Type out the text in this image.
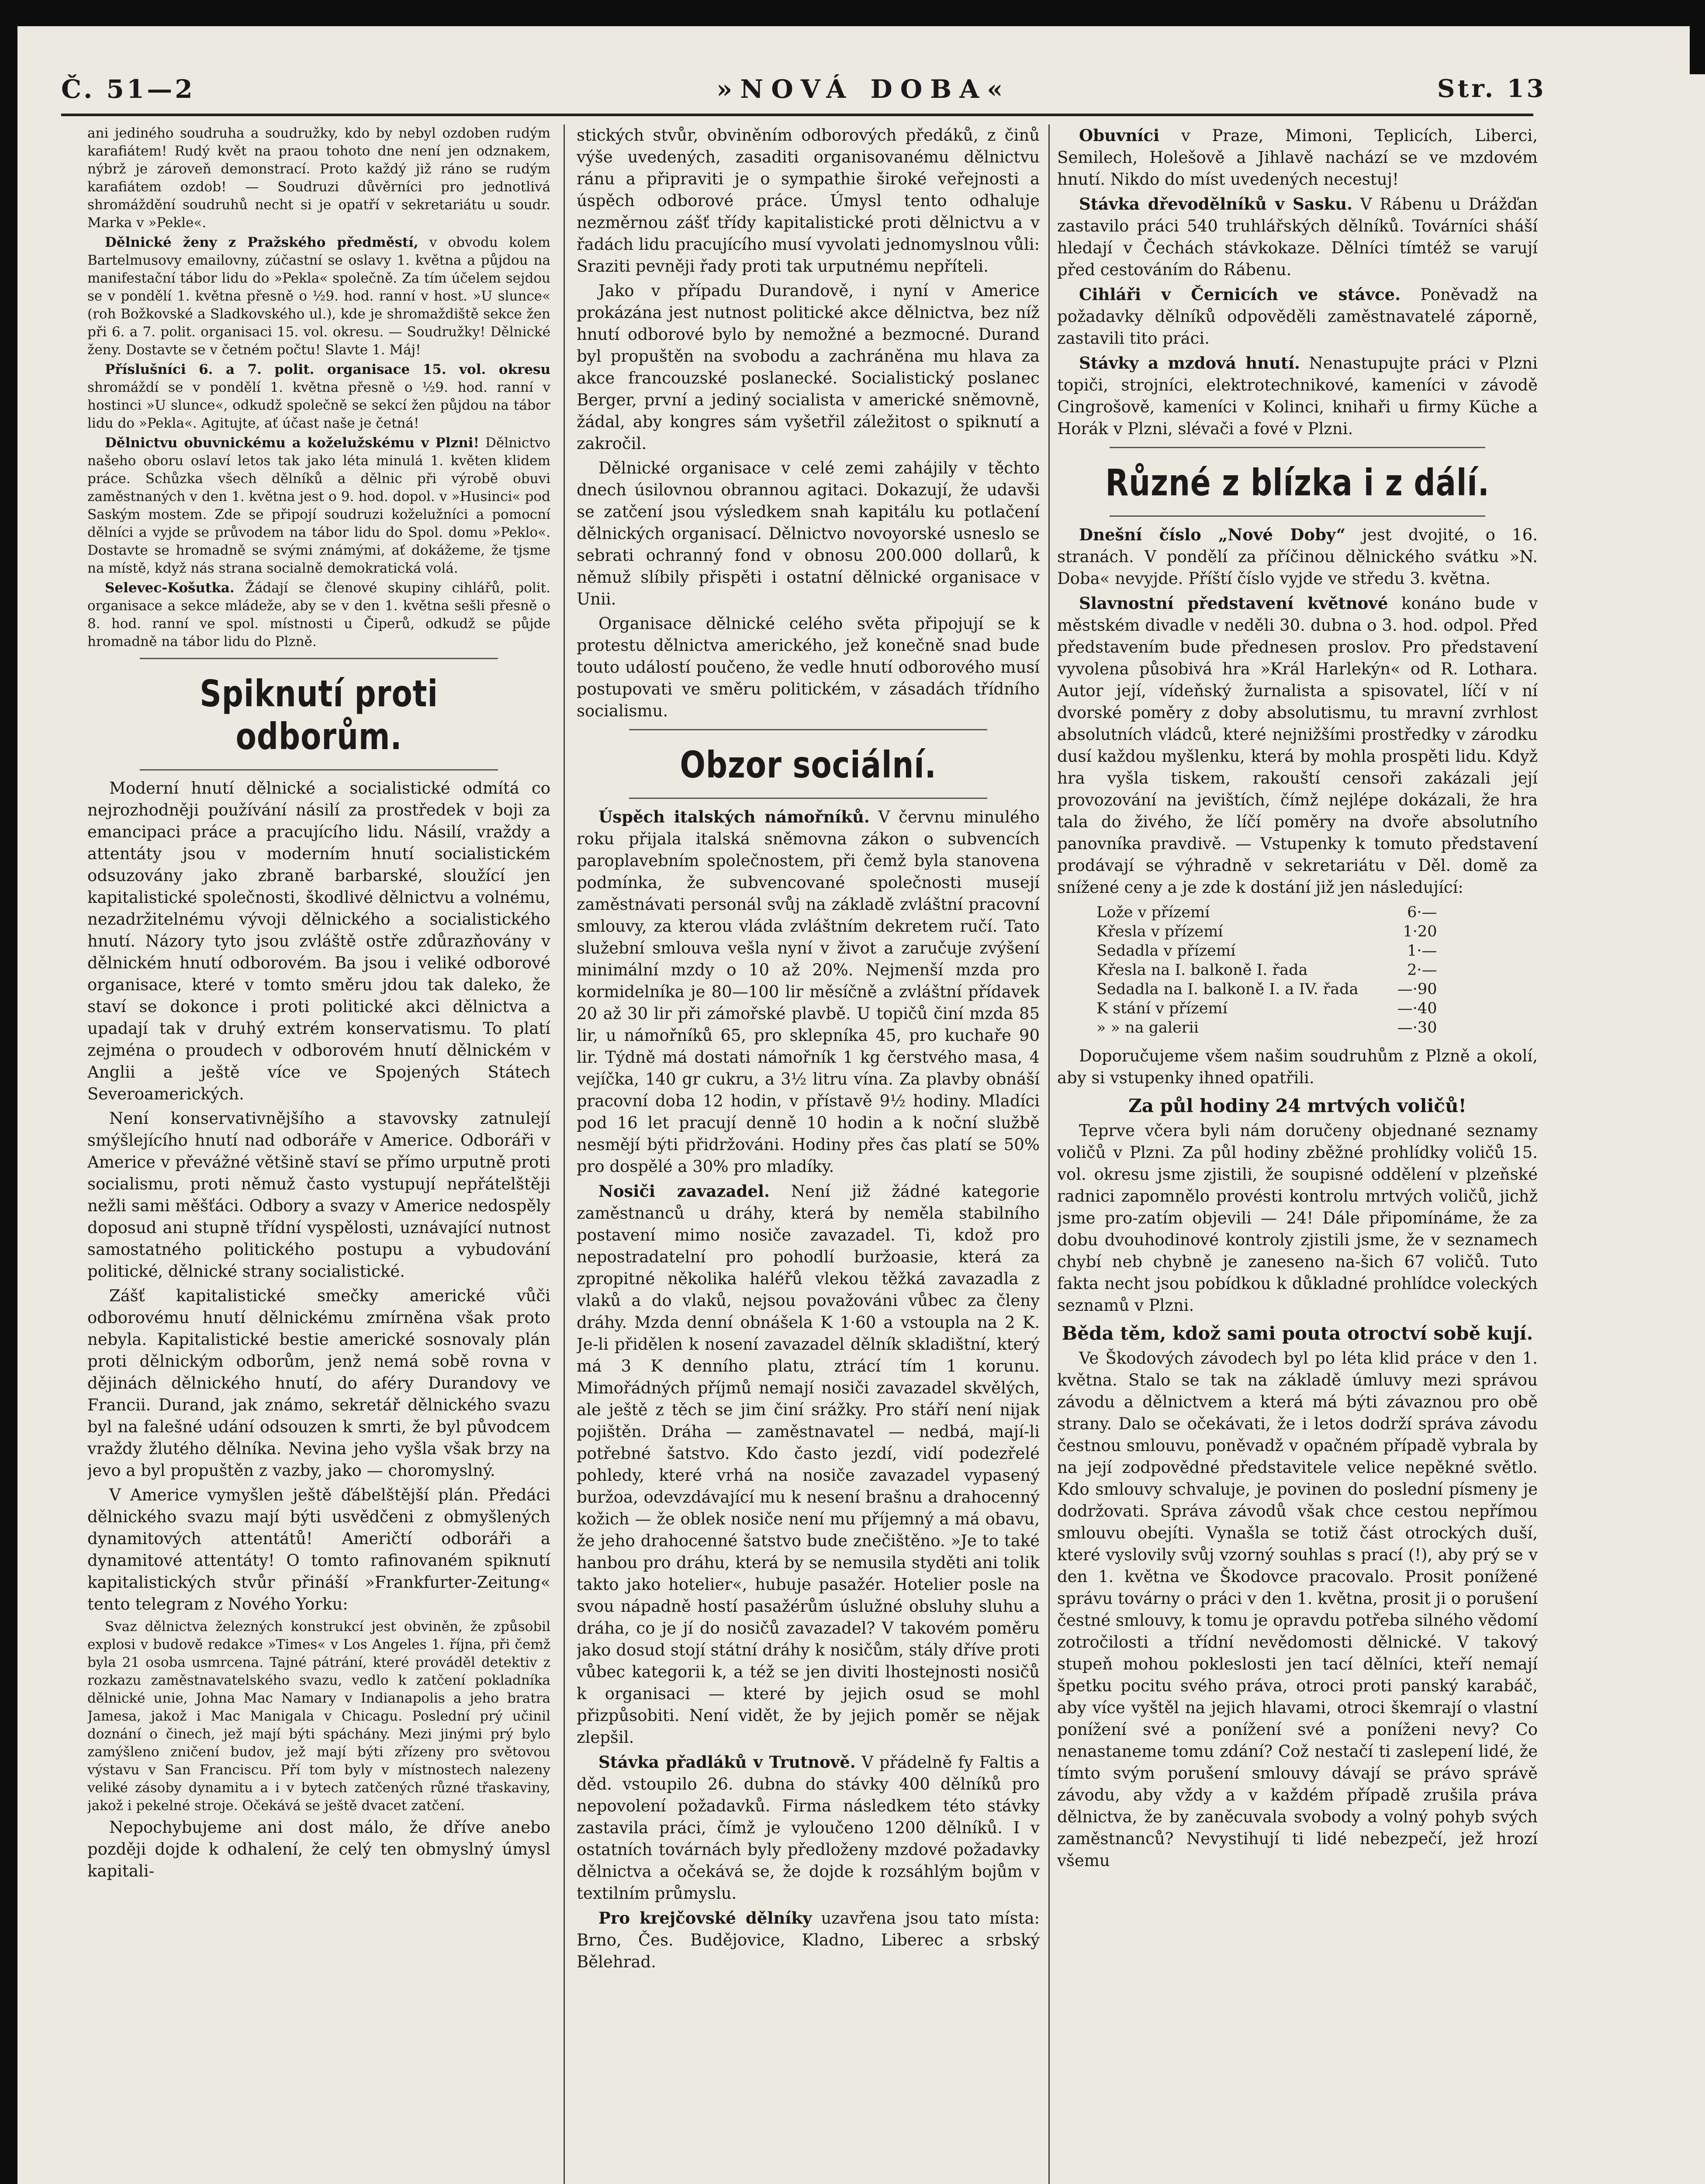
Č. 51—2	»NOVÁ DOBA«	Str. 13

ani jediného soudruha a soudružky, kdo by nebyl ozdoben rudým karafiátem! Rudý květ na praou tohoto dne není jen odznakem, nýbrž je zároveň demonstrací. Proto každý již ráno se rudým karafiátem ozdob! — Soudruzi důvěrníci pro jednotlivá shromáždění soudruhů necht si je opatří v sekretariátu u soudr. Marka v »Pekle«.

Dělnické ženy z Pražského předměstí, v obvodu kolem Bartelmusovy emailovny, zúčastní se oslavy 1. května a půjdou na manifestační tábor lidu do »Pekla« společně. Za tím účelem sejdou se v pondělí 1. května přesně o ½9. hod. ranní v host. »U slunce« (roh Božkovské a Sladkovského ul.), kde je shromaždiště sekce žen při 6. a 7. polit. organisaci 15. vol. okresu. — Soudružky! Dělnické ženy. Dostavte se v četném počtu! Slavte 1. Máj!

Příslušníci 6. a 7. polit. organisace 15. vol. okresu shromáždí se v pondělí 1. května přesně o ½9. hod. ranní v hostinci »U slunce«, odkudž společně se sekcí žen půjdou na tábor lidu do »Pekla«. Agitujte, ať účast naše je četná!

Dělnictvu obuvnickému a koželužskému v Plzni! Dělnictvo našeho oboru oslaví letos tak jako léta minulá 1. květen klidem práce. Schůzka všech dělníků a dělnic při výrobě obuvi zaměstnaných v den 1. května jest o 9. hod. dopol. v »Husinci« pod Saským mostem. Zde se připojí soudruzi koželužníci a pomocní dělníci a vyjde se průvodem na tábor lidu do Spol. domu »Peklo«. Dostavte se hromadně se svými známými, ať dokážeme, že tjsme na místě, když nás strana socialně demokratická volá.

Selevec-Košutka. Žádají se členové skupiny cihlářů, polit. organisace a sekce mládeže, aby se v den 1. května sešli přesně o 8. hod. ranní ve spol. místnosti u Čiperů, odkudž se půjde hromadně na tábor lidu do Plzně.

Spiknutí proti odborům.

Moderní hnutí dělnické a socialistické odmítá co nejrozhodněji používání násilí za prostředek v boji za emancipaci práce a pracujícího lidu. Násilí, vraždy a attentáty jsou v moderním hnutí socialistickém odsuzovány jako zbraně barbarské, sloužící jen kapitalistické společnosti, škodlivé dělnictvu a volnému, nezadržitelnému vývoji dělnického a socialistického hnutí. Názory tyto jsou zvláště ostře zdůrazňovány v dělnickém hnutí odborovém. Ba jsou i veliké odborové organisace, které v tomto směru jdou tak daleko, že staví se dokonce i proti politické akci dělnictva a upadají tak v druhý extrém konservatismu. To platí zejména o proudech v odborovém hnutí dělnickém v Anglii a ještě více ve Spojených Státech Severoamerických.

Není konservativnějšího a stavovsky zatnulejí smýšlejícího hnutí nad odboráře v Americe. Odboráři v Americe v převážné většině staví se přímo urputně proti socialismu, proti němuž často vystupují nepřátelštěji nežli sami měšťáci. Odbory a svazy v Americe nedospěly doposud ani stupně třídní vyspělosti, uznávající nutnost samostatného politického postupu a vybudování politické, dělnické strany socialistické.

Zášť kapitalistické smečky americké vůči odborovému hnutí dělnickému zmírněna však proto nebyla. Kapitalistické bestie americké sosnovaly plán proti dělnickým odborům, jenž nemá sobě rovna v dějinách dělnického hnutí, do aféry Durandovy ve Francii. Durand, jak známo, sekretář dělnického svazu byl na falešné udání odsouzen k smrti, že byl původcem vraždy žlutého dělníka. Nevina jeho vyšla však brzy na jevo a byl propuštěn z vazby, jako — choromyslný.

V Americe vymyšlen ještě ďábelštější plán. Předáci dělnického svazu mají býti usvědčeni z obmyšlených dynamitových attentátů! Američtí odboráři a dynamitové attentáty! O tomto rafinovaném spiknutí kapitalistických stvůr přináší »Frankfurter-Zeitung« tento telegram z Nového Yorku:

Svaz dělnictva železných konstrukcí jest obviněn, že způsobil explosi v budově redakce »Times« v Los Angeles 1. října, při čemž byla 21 osoba usmrcena. Tajné pátrání, které prováděl detektiv z rozkazu zaměstnavatelského svazu, vedlo k zatčení pokladníka dělnické unie, Johna Mac Namary v Indianapolis a jeho bratra Jamesa, jakož i Mac Manigala v Chicagu. Poslední prý učinil doznání o činech, jež mají býti spáchány. Mezi jinými prý bylo zamýšleno zničení budov, jež mají býti zřízeny pro světovou výstavu v San Franciscu. Pří tom byly v místnostech nalezeny veliké zásoby dynamitu a i v bytech zatčených různé třaskaviny, jakož i pekelné stroje. Očekává se ještě dvacet zatčení.

Nepochybujeme ani dost málo, že dříve anebo později dojde k odhalení, že celý ten obmyslný úmysl kapitali-

stických stvůr, obviněním odborových předáků, z činů výše uvedených, zasaditi organisovanému dělnictvu ránu a připraviti je o sympathie široké veřejnosti a úspěch odborové práce. Úmysl tento odhaluje nezměrnou zášť třídy kapitalistické proti dělnictvu a v řadách lidu pracujícího musí vyvolati jednomyslnou vůli: Sraziti pevněji řady proti tak urputnému nepříteli.

Jako v případu Durandově, i nyní v Americe prokázána jest nutnost politické akce dělnictva, bez níž hnutí odborové bylo by nemožné a bezmocné. Durand byl propuštěn na svobodu a zachráněna mu hlava za akce francouzské poslanecké. Socialistický poslanec Berger, první a jediný socialista v americké sněmovně, žádal, aby kongres sám vyšetřil záležitost o spiknutí a zakročil.

Dělnické organisace v celé zemi zahájily v těchto dnech úsilovnou obrannou agitaci. Dokazují, že udavši se zatčení jsou výsledkem snah kapitálu ku potlačení dělnických organisací. Dělnictvo novoyorské usneslo se sebrati ochranný fond v obnosu 200.000 dollarů, k němuž slíbily přispěti i ostatní dělnické organisace v Unii.

Organisace dělnické celého světa připojují se k protestu dělnictva amerického, jež konečně snad bude touto událostí poučeno, že vedle hnutí odborového musí postupovati ve směru politickém, v zásadách třídního socialismu.

Obzor sociální.

Úspěch italských námořníků. V červnu minulého roku přijala italská sněmovna zákon o subvencích paroplavebním společnostem, při čemž byla stanovena podmínka, že subvencované společnosti musejí zaměstnávati personál svůj na základě zvláštní pracovní smlouvy, za kterou vláda zvláštním dekretem ručí. Tato služební smlouva vešla nyní v život a zaručuje zvýšení minimální mzdy o 10 až 20%. Nejmenší mzda pro kormidelníka je 80—100 lir měsíčně a zvláštní přídavek 20 až 30 lir při zámořské plavbě. U topičů činí mzda 85 lir, u námořníků 65, pro sklepníka 45, pro kuchaře 90 lir. Týdně má dostati námořník 1 kg čerstvého masa, 4 vejíčka, 140 gr cukru, a 3½ litru vína. Za plavby obnáší pracovní doba 12 hodin, v přístavě 9½ hodiny. Mladíci pod 16 let pracují denně 10 hodin a k noční službě nesmějí býti přidržováni. Hodiny přes čas platí se 50% pro dospělé a 30% pro mladíky.

Nosiči zavazadel. Není již žádné kategorie zaměstnanců u dráhy, která by neměla stabilního postavení mimo nosiče zavazadel. Ti, kdož pro nepostradatelní pro pohodlí buržoasie, která za zpropitné několika haléřů vlekou těžká zavazadla z vlaků a do vlaků, nejsou považováni vůbec za členy dráhy. Mzda denní obnášela K 1·60 a vstoupla na 2 K. Je-li přidělen k nosení zavazadel dělník skladištní, který má 3 K denního platu, ztrácí tím 1 korunu. Mimořádných příjmů nemají nosiči zavazadel skvělých, ale ještě z těch se jim činí srážky. Pro stáří není nijak pojištěn. Dráha — zaměstnavatel — nedbá, mají-li potřebné šatstvo. Kdo často jezdí, vidí podezřelé pohledy, které vrhá na nosiče zavazadel vypasený buržoa, odevzdávající mu k nesení brašnu a drahocenný kožich — že oblek nosiče není mu příjemný a má obavu, že jeho drahocenné šatstvo bude znečištěno. »Je to také hanbou pro dráhu, která by se nemusila styděti ani tolik takto jako hotelier«, hubuje pasažér. Hotelier posle na svou nápadně hostí pasažérům úslužné obsluhy sluhu a dráha, co je jí do nosičů zavazadel? V takovém poměru jako dosud stojí státní dráhy k nosičům, stály dříve proti vůbec kategorii k, a též se jen diviti lhostejnosti nosičů k organisaci — které by jejich osud se mohl přizpůsobiti. Není vidět, že by jejich poměr se nějak zlepšil.

Stávka přadláků v Trutnově. V přádelně fy Faltis a děd. vstoupilo 26. dubna do stávky 400 dělníků pro nepovolení požadavků. Firma následkem této stávky zastavila práci, čímž je vyloučeno 1200 dělníků. I v ostatních továrnách byly předloženy mzdové požadavky dělnictva a očekává se, že dojde k rozsáhlým bojům v textilním průmyslu.

Pro krejčovské dělníky uzavřena jsou tato místa: Brno, Čes. Budějovice, Kladno, Liberec a srbský Bělehrad.

Obuvníci v Praze, Mimoni, Teplicích, Liberci, Semilech, Holešově a Jihlavě nachází se ve mzdovém hnutí. Nikdo do míst uvedených necestuj!

Stávka dřevodělníků v Sasku. V Rábenu u Drážďan zastavilo práci 540 truhlářských dělníků. Továrníci sháší hledají v Čechách stávkokaze. Dělníci tímtéž se varují před cestováním do Rábenu.

Cihláři v Černicích ve stávce. Poněvadž na požadavky dělníků odpověděli zaměstnavatelé záporně, zastavili tito práci.

Stávky a mzdová hnutí. Nenastupujte práci v Plzni topiči, strojníci, elektrotechnikové, kameníci v závodě Cingrošově, kameníci v Kolinci, knihaři u firmy Küche a Horák v Plzni, slévači a fové v Plzni.

Různé z blízka i z dálí.

Dnešní číslo „Nové Doby“ jest dvojité, o 16. stranách. V pondělí za příčinou dělnického svátku »N. Doba« nevyjde. Příští číslo vyjde ve středu 3. května.

Slavnostní představení květnové konáno bude v městském divadle v neděli 30. dubna o 3. hod. odpol. Před představením bude přednesen proslov. Pro představení vyvolena působivá hra »Král Harlekýn« od R. Lothara. Autor její, vídeňský žurnalista a spisovatel, líčí v ní dvorské poměry z doby absolutismu, tu mravní zvrhlost absolutních vládců, které nejnižšími prostředky v zárodku dusí každou myšlenku, která by mohla prospěti lidu. Když hra vyšla tiskem, rakouští censoři zakázali její provozování na jevištích, čímž nejlépe dokázali, že hra tala do živého, že líčí poměry na dvoře absolutního panovníka pravdivě. — Vstupenky k tomuto představení prodávají se výhradně v sekretariátu v Děl. domě za snížené ceny a je zde k dostání již jen následující:

Lože v přízemí	6·—
Křesla v přízemí	1·20
Sedadla v přízemí	1·—
Křesla na I. balkoně I. řada	2·—
Sedadla na I. balkoně I. a IV. řada	—·90
K stání v přízemí	—·40
» » na galerii	—·30

Doporučujeme všem našim soudruhům z Plzně a okolí, aby si vstupenky ihned opatřili.

Za půl hodiny 24 mrtvých voličů!

Teprve včera byli nám doručeny objednané seznamy voličů v Plzni. Za půl hodiny zběžné prohlídky voličů 15. vol. okresu jsme zjistili, že soupisné oddělení v plzeňské radnici zapomnělo provésti kontrolu mrtvých voličů, jichž jsme pro-zatím objevili — 24! Dále připomínáme, že za dobu dvouhodinové kontroly zjistili jsme, že v seznamech chybí neb chybně je zaneseno na-šich 67 voličů. Tuto fakta necht jsou pobídkou k důkladné prohlídce voleckých seznamů v Plzni.

Běda těm, kdož sami pouta otroctví sobě kují.

Ve Škodových závodech byl po léta klid práce v den 1. května. Stalo se tak na základě úmluvy mezi správou závodu a dělnictvem a která má býti závaznou pro obě strany. Dalo se očekávati, že i letos dodrží správa závodu čestnou smlouvu, poněvadž v opačném případě vybrala by na její zodpovědné představitele velice nepěkné světlo. Kdo smlouvy schvaluje, je povinen do poslední písmeny je dodržovati. Správa závodů však chce cestou nepřímou smlouvu obejíti. Vynašla se totiž část otrockých duší, které vyslovily svůj vzorný souhlas s prací (!), aby prý se v den 1. května ve Škodovce pracovalo. Prosit ponížené správu továrny o práci v den 1. května, prosit ji o porušení čestné smlouvy, k tomu je opravdu potřeba silného vědomí zotročilosti a třídní nevědomosti dělnické. V takový stupeň mohou pokleslosti jen tací dělníci, kteří nemají špetku pocitu svého práva, otroci proti panský karabáč, aby více vyštěl na jejich hlavami, otroci škemrají o vlastní ponížení své a ponížení své a poníženi nevy? Co nenastaneme tomu zdání? Což nestačí ti zaslepení lidé, že tímto svým porušení smlouvy dávají se právo správě závodu, aby vždy a v každém případě zrušila práva dělnictva, že by zaněcuvala svobody a volný pohyb svých zaměstnanců? Nevystihují ti lidé nebezpečí, jež hrozí všemu
